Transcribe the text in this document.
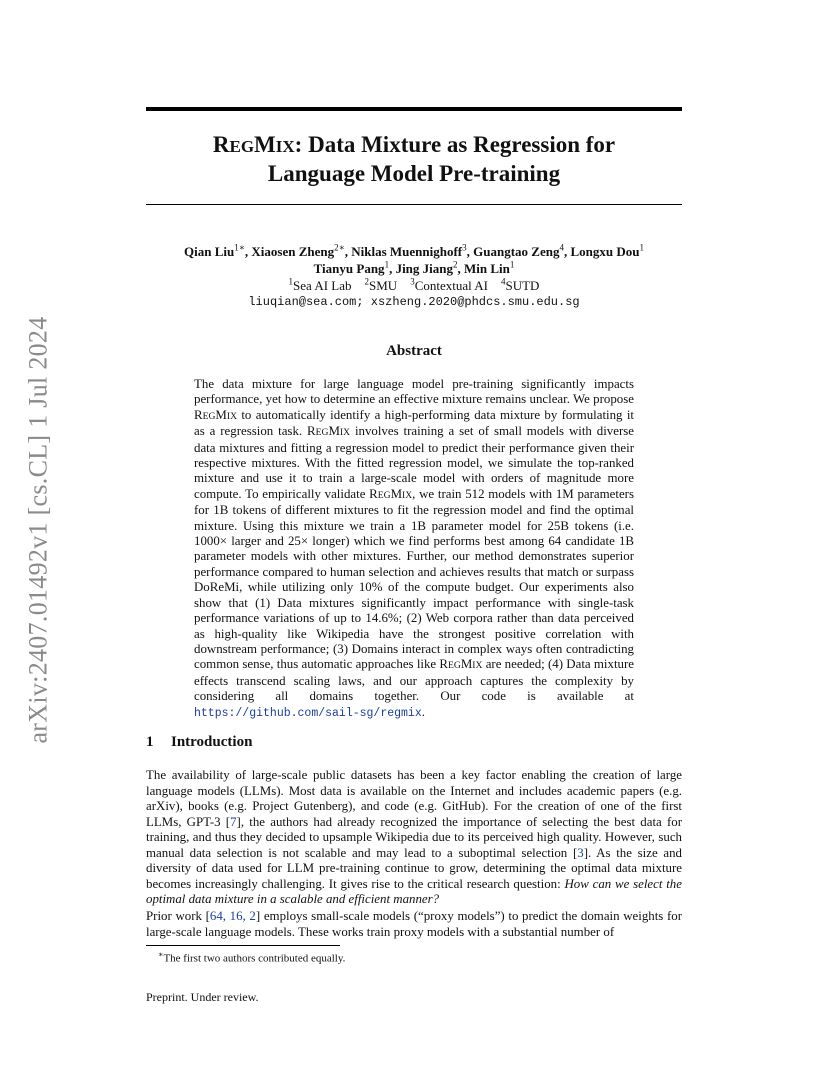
arXiv:2407.01492v1 [cs.CL] 1 Jul 2024
REGMIX: Data Mixture as Regression for
Language Model Pre-training
Qian Liu$^{1∗}$, Xiaosen Zheng$^{2∗}$, Niklas Muennighoff$^3$, Guangtao Zeng$^4$, Longxu Dou$^1$
Tianyu Pang$^1$, Jing Jiang$^2$, Min Lin$^1$
$^1$Sea AI Lab $^2$SMU $^3$Contextual AI $^4$SUTD
liuqian@sea.com; xszheng.2020@phdcs.smu.edu.sg
Abstract

The data mixture for large language model pre-training significantly impacts performance, yet how to determine an effective mixture remains unclear. We propose REGMIX to automatically identify a high-performing data mixture by formulating it as a regression task. REGMIX involves training a set of small models with diverse data mixtures and fitting a regression model to predict their performance given their respective mixtures. With the fitted regression model, we simulate the top-ranked mixture and use it to train a large-scale model with orders of magnitude more compute. To empirically validate REGMIX, we train 512 models with 1M parameters for 1B tokens of different mixtures to fit the regression model and find the optimal mixture. Using this mixture we train a 1B parameter model for 25B tokens (i.e. 1000× larger and 25× longer) which we find performs best among 64 candidate 1B parameter models with other mixtures. Further, our method demonstrates superior performance compared to human selection and achieves results that match or surpass DoReMi, while utilizing only 10% of the compute budget. Our experiments also show that (1) Data mixtures significantly impact performance with single-task performance variations of up to 14.6%; (2) Web corpora rather than data perceived as high-quality like Wikipedia have the strongest positive correlation with downstream performance; (3) Domains interact in complex ways often contradicting common sense, thus automatic approaches like REGMIX are needed; (4) Data mixture effects transcend scaling laws, and our approach captures the complexity by considering all domains together. Our code is available at https://github.com/sail-sg/regmix.

1 Introduction

The availability of large-scale public datasets has been a key factor enabling the creation of large language models (LLMs). Most data is available on the Internet and includes academic papers (e.g. arXiv), books (e.g. Project Gutenberg), and code (e.g. GitHub). For the creation of one of the first LLMs, GPT-3 [7], the authors had already recognized the importance of selecting the best data for training, and thus they decided to upsample Wikipedia due to its perceived high quality. However, such manual data selection is not scalable and may lead to a suboptimal selection [3]. As the size and diversity of data used for LLM pre-training continue to grow, determining the optimal data mixture becomes increasingly challenging. It gives rise to the critical research question: How can we select the optimal data mixture in a scalable and efficient manner?

Prior work [64, 16, 2] employs small-scale models (“proxy models”) to predict the domain weights for large-scale language models. These works train proxy models with a substantial number of

∗The first two authors contributed equally.

Preprint. Under review.
